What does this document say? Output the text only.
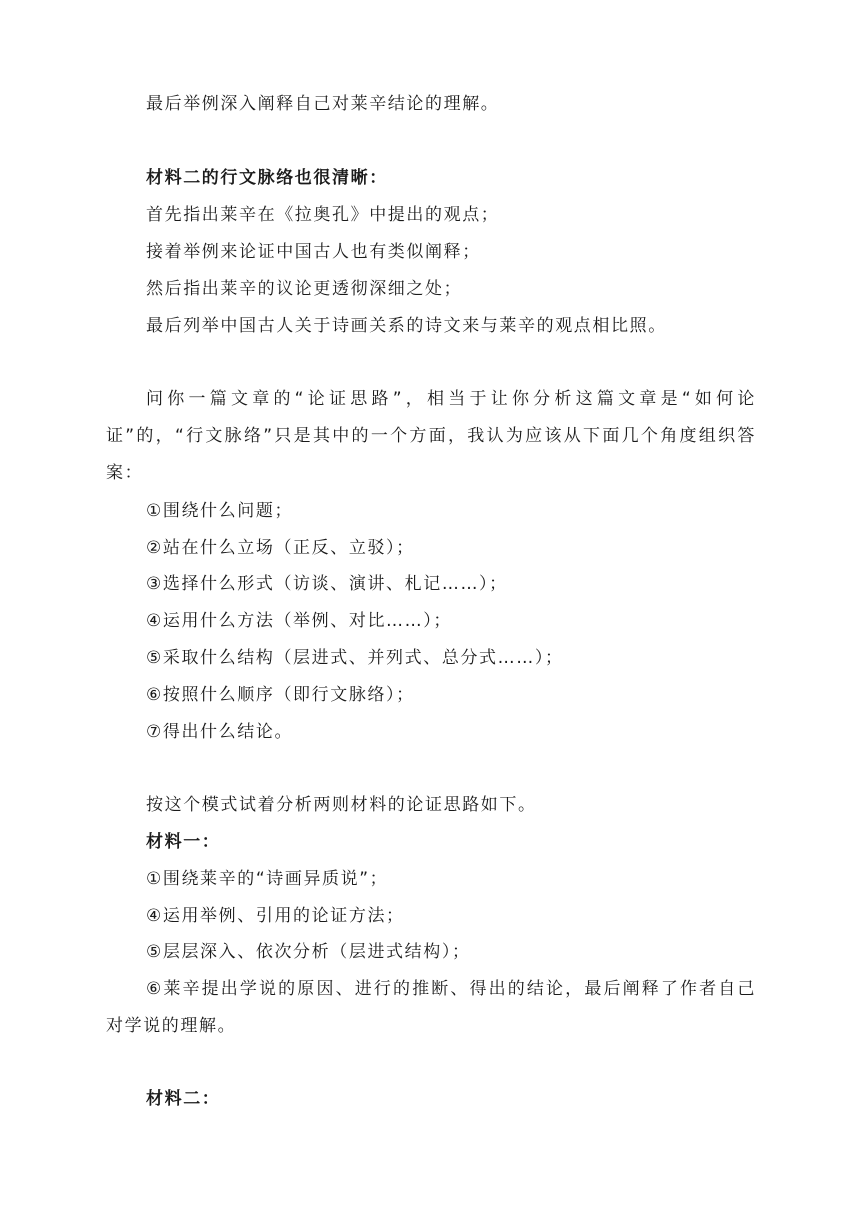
最后举例深入阐释自己对莱辛结论的理解。
材料二的行文脉络也很清晰：
首先指出莱辛在《拉奥孔》中提出的观点；
接着举例来论证中国古人也有类似阐释；
然后指出莱辛的议论更透彻深细之处；
最后列举中国古人关于诗画关系的诗文来与莱辛的观点相比照。
问你一篇文章的“论证思路”，相当于让你分析这篇文章是“如何论证”的，“行文脉络”只是其中的一个方面，我认为应该从下面几个角度组织答案：
①围绕什么问题；
②站在什么立场（正反、立驳）；
③选择什么形式（访谈、演讲、札记……）；
④运用什么方法（举例、对比……）；
⑤采取什么结构（层进式、并列式、总分式……）；
⑥按照什么顺序（即行文脉络）；
⑦得出什么结论。
按这个模式试着分析两则材料的论证思路如下。
材料一：
①围绕莱辛的“诗画异质说”；
④运用举例、引用的论证方法；
⑤层层深入、依次分析（层进式结构）；
⑥莱辛提出学说的原因、进行的推断、得出的结论，最后阐释了作者自己对学说的理解。
材料二：
